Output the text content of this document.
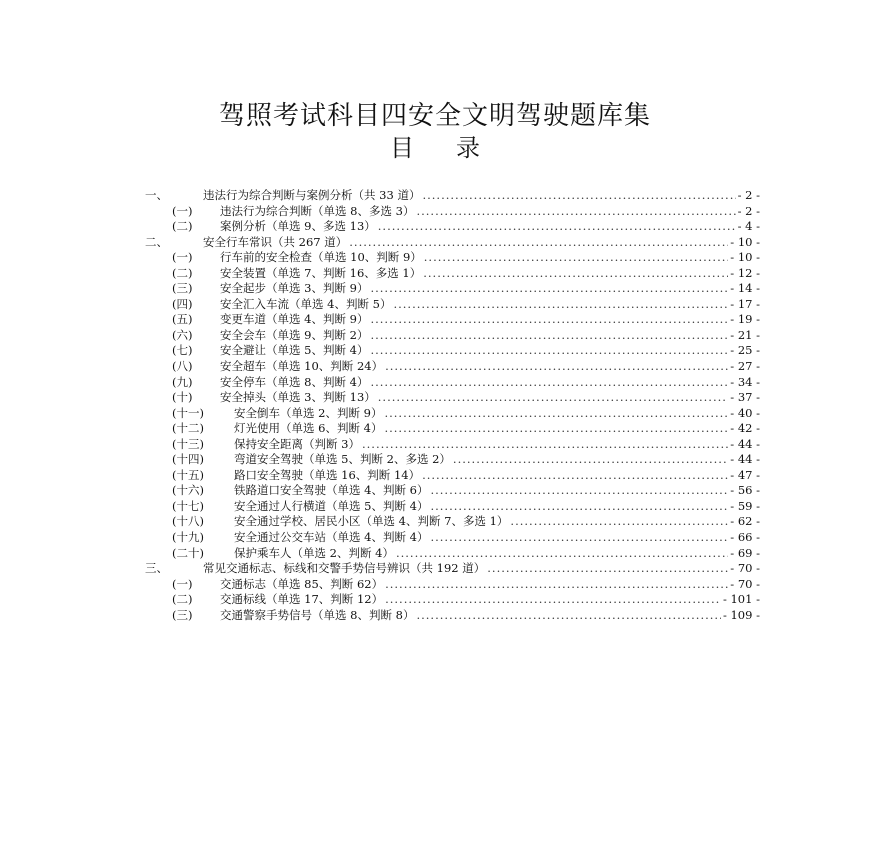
驾照考试科目四安全文明驾驶题库集
目 录
一、	违法行为综合判断与案例分析（共 33 道） .....	- 2 -
(一)	违法行为综合判断（单选 8、多选 3） .....	- 2 -
(二)	案例分析（单选 9、多选 13） .....	- 4 -
二、	安全行车常识（共 267 道） .....	- 10 -
(一)	行车前的安全检查（单选 10、判断 9） .....	- 10 -
(二)	安全装置（单选 7、判断 16、多选 1） .....	- 12 -
(三)	安全起步（单选 3、判断 9） .....	- 14 -
(四)	安全汇入车流（单选 4、判断 5） .....	- 17 -
(五)	变更车道（单选 4、判断 9） .....	- 19 -
(六)	安全会车（单选 9、判断 2） .....	- 21 -
(七)	安全避让（单选 5、判断 4） .....	- 25 -
(八)	安全超车（单选 10、判断 24） .....	- 27 -
(九)	安全停车（单选 8、判断 4） .....	- 34 -
(十)	安全掉头（单选 3、判断 13） .....	- 37 -
(十一)	安全倒车（单选 2、判断 9） .....	- 40 -
(十二)	灯光使用（单选 6、判断 4） .....	- 42 -
(十三)	保持安全距离（判断 3） .....	- 44 -
(十四)	弯道安全驾驶（单选 5、判断 2、多选 2） .....	- 44 -
(十五)	路口安全驾驶（单选 16、判断 14） .....	- 47 -
(十六)	铁路道口安全驾驶（单选 4、判断 6） .....	- 56 -
(十七)	安全通过人行横道（单选 5、判断 4） .....	- 59 -
(十八)	安全通过学校、居民小区（单选 4、判断 7、多选 1） .....	- 62 -
(十九)	安全通过公交车站（单选 4、判断 4） .....	- 66 -
(二十)	保护乘车人（单选 2、判断 4） .....	- 69 -
三、	常见交通标志、标线和交警手势信号辨识（共 192 道） .....	- 70 -
(一)	交通标志（单选 85、判断 62） .....	- 70 -
(二)	交通标线（单选 17、判断 12） .....	- 101 -
(三)	交通警察手势信号（单选 8、判断 8） .....	- 109 -
